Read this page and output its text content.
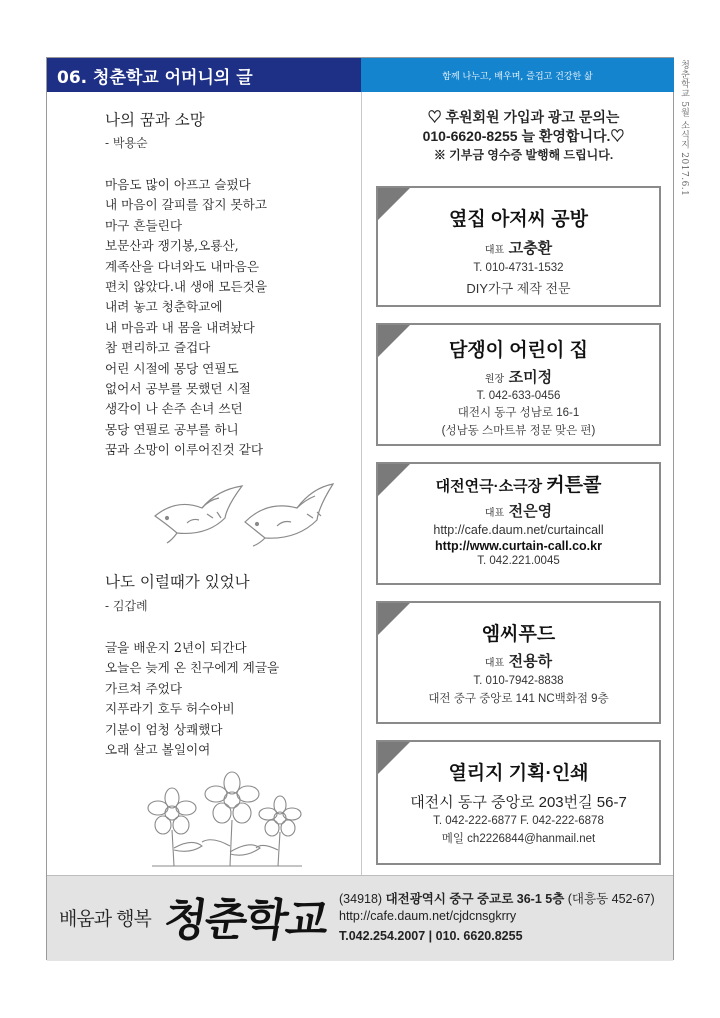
청춘학교 5월 소식지 2017.6.1
06. 청춘학교 어머니의 글	함께 나누고, 배우며, 즐겁고 건강한 삶
나의 꿈과 소망
- 박용순
마음도 많이 아프고 슬펐다
내 마음이 갈피를 잡지 못하고
마구 흔들린다
보문산과 쟁기봉,오룡산,
계족산을 다녀와도 내마음은
편치 않았다.내 생애 모든것을
내려 놓고 청춘학교에
내 마음과 내 몸을 내려놨다
참 편리하고 즐겁다
어린 시절에 몽당 연필도
없어서 공부를 못했던 시절
생각이 나 손주 손녀 쓰던
몽당 연필로 공부를 하니
꿈과 소망이 이루어진것 같다
나도 이럴때가 있었나
- 김갑례
글을 배운지 2년이 되간다
오늘은 늦게 온 친구에게 계글을
가르쳐 주었다
지푸라기 호두 허수아비
기분이 엄청 상쾌했다
오래 살고 볼일이여
♡ 후원회원 가입과 광고 문의는
010-6620-8255 늘 환영합니다.♡
※ 기부금 영수증 발행해 드립니다.
옆집 아저씨 공방
대표 고충환
T. 010-4731-1532
DIY가구 제작 전문
담쟁이 어린이 집
원장 조미정
T. 042-633-0456
대전시 동구 성남로 16-1
(성남동 스마트뷰 정문 맞은 편)
대전연극·소극장 커튼콜
대표 전은영
http://cafe.daum.net/curtaincall
http://www.curtain-call.co.kr
T. 042.221.0045
엠씨푸드
대표 전용하
T. 010-7942-8838
대전 중구 중앙로 141 NC백화점 9층
열리지 기획·인쇄
대전시 동구 중앙로 203번길 56-7
T. 042-222-6877 F. 042-222-6878
메일 ch2226844@hanmail.net
배움과 행복 청춘학교 (34918) 대전광역시 중구 중교로 36-1 5층 (대흥동 452-67)
http://cafe.daum.net/cjdcnsgkrry
T.042.254.2007 | 010. 6620.8255
